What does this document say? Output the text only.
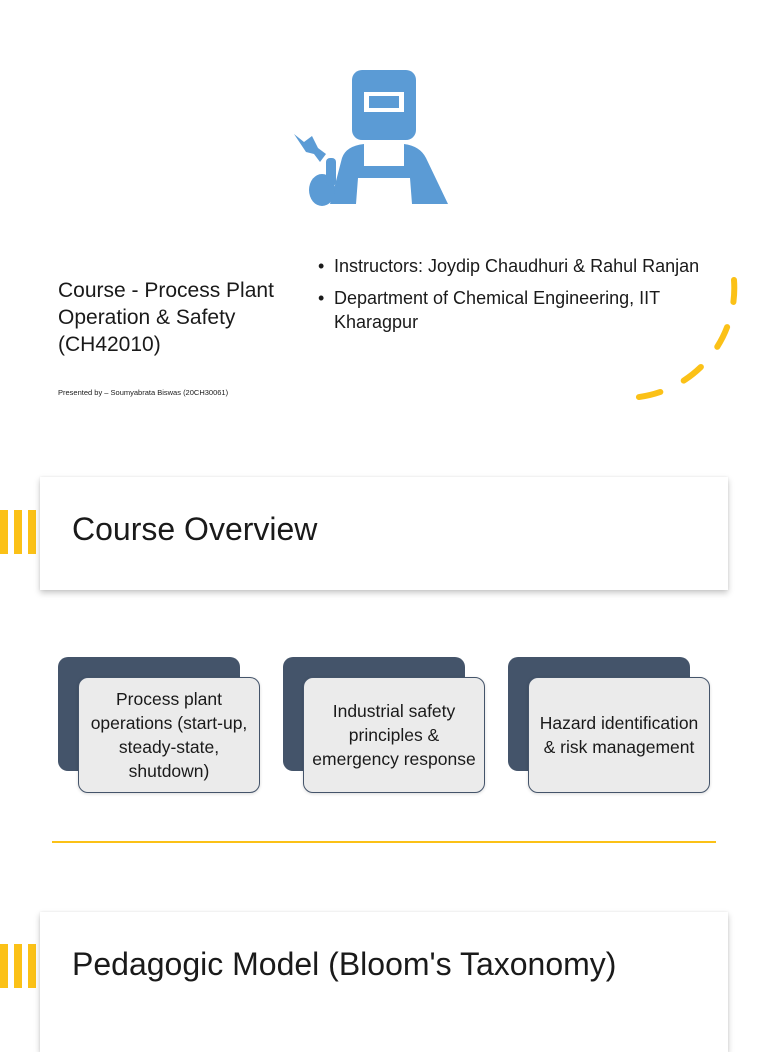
Course - Process Plant Operation & Safety (CH42010)
Presented by – Soumyabrata Biswas (20CH30061)
• Instructors: Joydip Chaudhuri & Rahul Ranjan
• Department of Chemical Engineering, IIT Kharagpur
Course Overview
Process plant operations (start-up, steady-state, shutdown)
Industrial safety principles & emergency response
Hazard identification & risk management
Pedagogic Model (Bloom's Taxonomy)
